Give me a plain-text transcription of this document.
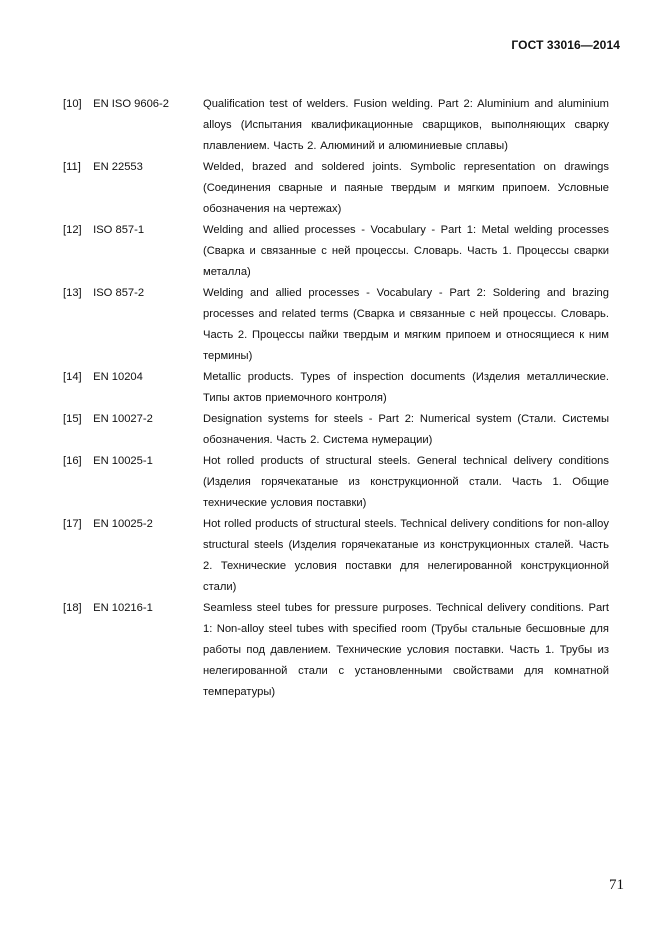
ГОСТ 33016—2014
[10] EN ISO 9606-2	Qualification test of welders. Fusion welding. Part 2: Aluminium and aluminium alloys (Испытания квалификационные сварщиков, выполняющих сварку плавлением. Часть 2. Алюминий и алюминиевые сплавы)
[11] EN 22553	Welded, brazed and soldered joints. Symbolic representation on drawings (Соединения сварные и паяные твердым и мягким припоем. Условные обозначения на чертежах)
[12] ISO 857-1	Welding and allied processes - Vocabulary - Part 1: Metal welding processes (Сварка и связанные с ней процессы. Словарь. Часть 1. Процессы сварки металла)
[13] ISO 857-2	Welding and allied processes - Vocabulary - Part 2: Soldering and brazing processes and related terms (Сварка и связанные с ней процессы. Словарь. Часть 2. Процессы пайки твердым и мягким припоем и относящиеся к ним термины)
[14] EN 10204	Metallic products. Types of inspection documents (Изделия металлические. Типы актов приемочного контроля)
[15] EN 10027-2	Designation systems for steels - Part 2: Numerical system (Стали. Системы обозначения. Часть 2. Система нумерации)
[16] EN 10025-1	Hot rolled products of structural steels. General technical delivery conditions (Изделия горячекатаные из конструкционной стали. Часть 1. Общие технические условия поставки)
[17] EN 10025-2	Hot rolled products of structural steels. Technical delivery conditions for non-alloy structural steels (Изделия горячекатаные из конструкционных сталей. Часть 2. Технические условия поставки для нелегированной конструкционной стали)
[18] EN 10216-1	Seamless steel tubes for pressure purposes. Technical delivery conditions. Part 1: Non-alloy steel tubes with specified room (Трубы стальные бесшовные для работы под давлением. Технические условия поставки. Часть 1. Трубы из нелегированной стали с установленными свойствами для комнатной температуры)
71
